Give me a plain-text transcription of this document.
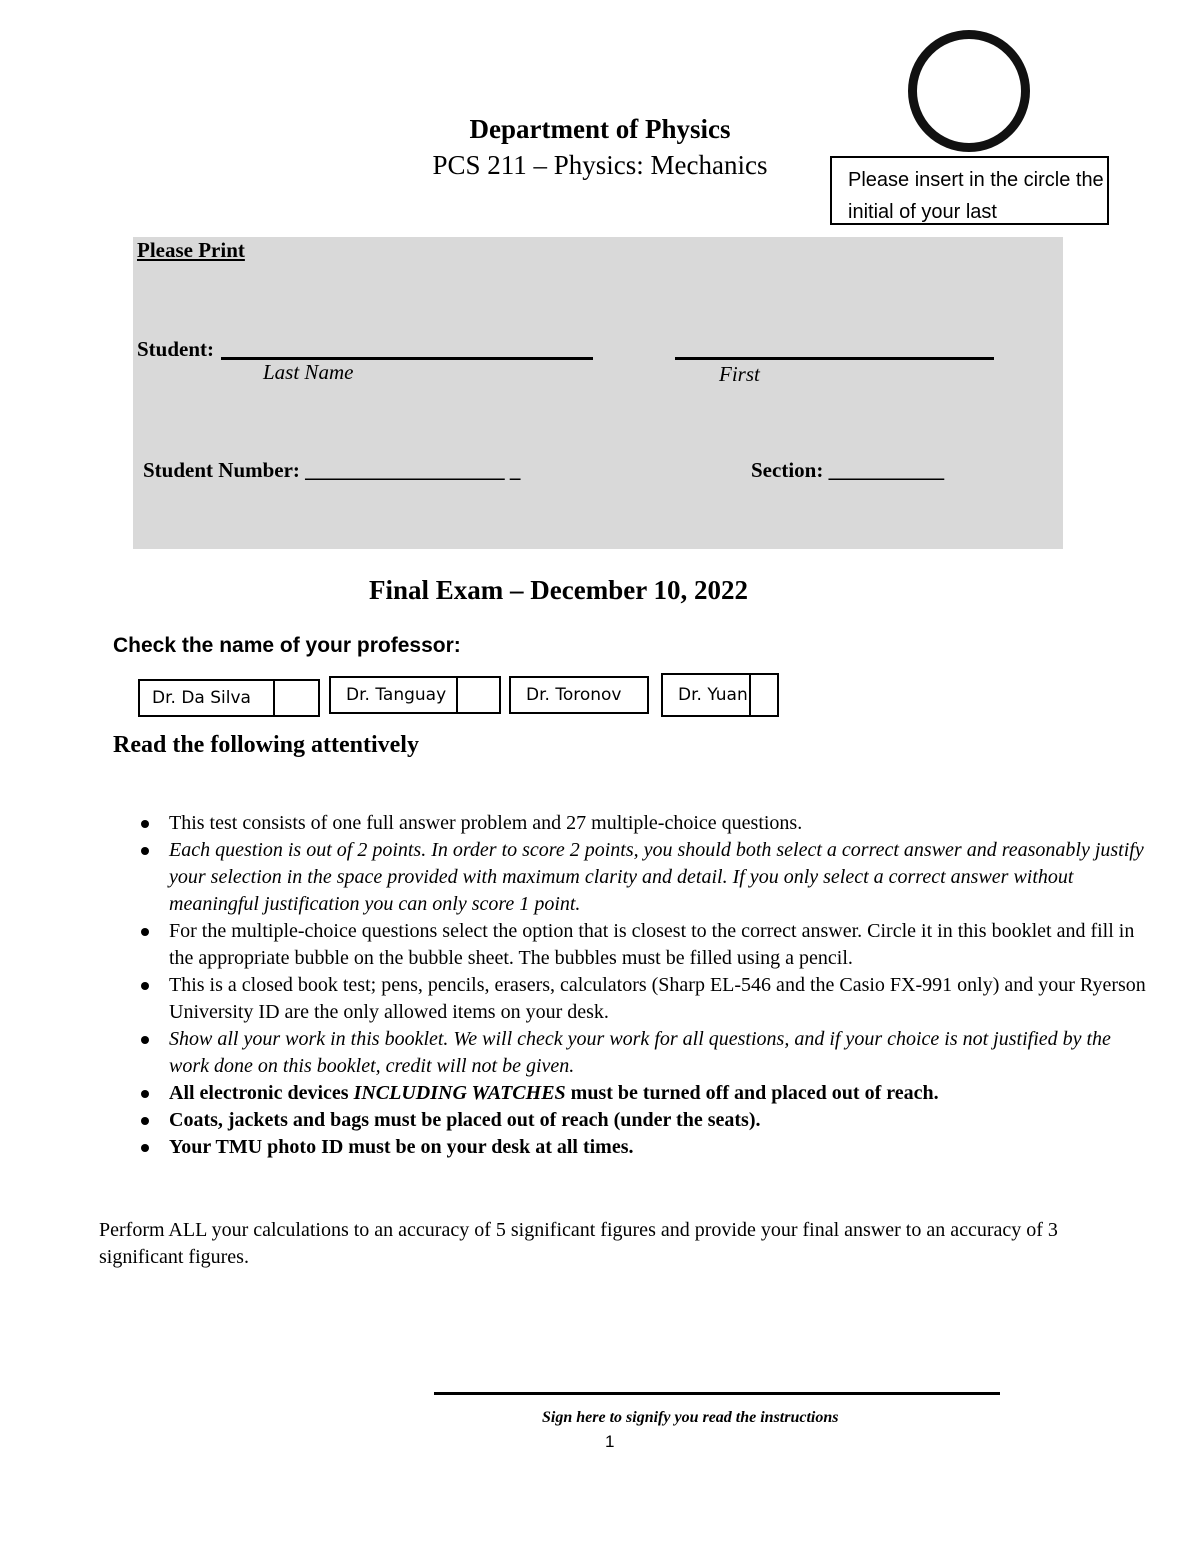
Department of Physics
PCS 211 – Physics: Mechanics	Please insert in the circle the initial of your last
Please Print
Student:
Last Name	First
Student Number: ___________________ _	Section: ___________
Final Exam – December 10, 2022
Check the name of your professor:
Dr. Da Silva	Dr. Tanguay	Dr. Toronov	Dr. Yuan
Read the following attentively
This test consists of one full answer problem and 27 multiple-choice questions.
Each question is out of 2 points. In order to score 2 points, you should both select a correct answer and reasonably justify your selection in the space provided with maximum clarity and detail. If you only select a correct answer without meaningful justification you can only score 1 point.
For the multiple-choice questions select the option that is closest to the correct answer. Circle it in this booklet and fill in the appropriate bubble on the bubble sheet. The bubbles must be filled using a pencil.
This is a closed book test; pens, pencils, erasers, calculators (Sharp EL-546 and the Casio FX-991 only) and your Ryerson University ID are the only allowed items on your desk.
Show all your work in this booklet. We will check your work for all questions, and if your choice is not justified by the work done on this booklet, credit will not be given.
All electronic devices INCLUDING WATCHES must be turned off and placed out of reach.
Coats, jackets and bags must be placed out of reach (under the seats).
Your TMU photo ID must be on your desk at all times.
Perform ALL your calculations to an accuracy of 5 significant figures and provide your final answer to an accuracy of 3 significant figures.
Sign here to signify you read the instructions
1
